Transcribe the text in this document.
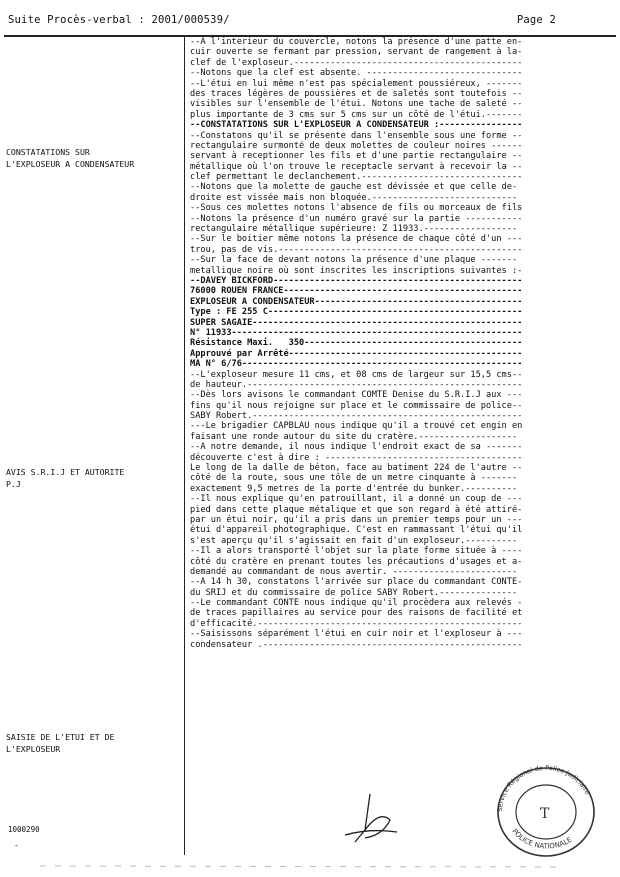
Suite Procès-verbal : 2001/000539/	Page 2
CONSTATATIONS SUR
L'EXPLOSEUR A CONDENSATEUR
AVIS S.R.I.J ET AUTORITE
P.J
SAISIE DE L'ETUI ET DE
L'EXPLOSEUR
--A l'interieur du couvercle, notons la présence d'une patte en-
cuir ouverte se fermant par pression, servant de rangement à la-
clef de l'exploseur.--------------------------------------------
--Notons que la clef est absente. ------------------------------
--L'étui en lui même n'est pas spécialement poussiéreux, -------
des traces légères de poussières et de saletés sont toutefois --
visibles sur l'ensemble de l'étui. Notons une tache de saleté --
plus importante de 3 cms sur 5 cms sur un côté de l'étui.-------
--CONSTATATIONS SUR L'EXPLOSEUR A CONDENSATEUR :----------------
--Constatons qu'il se présente dans l'ensemble sous une forme --
rectangulaire surmonté de deux molettes de couleur noires ------
servant à receptionner les fils et d'une partie rectangulaire --
métallique où l'on trouve le receptacle servant à recevoir la --
clef permettant le declanchement.-------------------------------
--Notons que la molette de gauche est dévissée et que celle de-
droite est vissée mais non bloquée.----------------------------
--Sous ces molettes notons l'absence de fils ou morceaux de fils
--Notons la présence d'un numéro gravé sur la partie -----------
rectangulaire métallique supérieure: Z 11933.------------------
--Sur le boitier même notons la présence de chaque côté d'un ---
trou, pas de vis.-----------------------------------------------
--Sur la face de devant notons la présence d'une plaque -------
metallique noire où sont inscrites les inscriptions suivantes :-
--DAVEY BICKFORD------------------------------------------------
76000 ROUEN FRANCE----------------------------------------------
EXPLOSEUR A CONDENSATEUR----------------------------------------
Type : FE 255 C-------------------------------------------------
SUPER SAGAIE----------------------------------------------------
N° 11933--------------------------------------------------------
Résistance Maxi.   350------------------------------------------
Approuvé par Arrêté---------------------------------------------
MA N° 6/76------------------------------------------------------
--L'exploseur mesure 11 cms, et 08 cms de largeur sur 15,5 cms--
de hauteur.-----------------------------------------------------
--Dès lors avisons le commandant COMTE Denise du S.R.I.J aux ---
fins qu'il nous rejoigne sur place et le commissaire de police--
SABY Robert.----------------------------------------------------
---Le brigadier CAPBLAU nous indique qu'il a trouvé cet engin en
faisant une ronde autour du site du cratère.-------------------
--A notre demande, il nous indique l'endroit exact de sa -------
découverte c'est à dire : --------------------------------------
Le long de la dalle de béton, face au batiment 224 de l'autre --
côté de la route, sous une tôle de un metre cinquante à -------
exactement 9,5 metres de la porte d'entrée du bunker.----------
--Il nous explique qu'en patrouillant, il a donné un coup de ---
pied dans cette plaque métalique et que son regard à été attiré-
par un étui noir, qu'il a pris dans un premier temps pour un ---
étui d'appareil photographique. C'est en rammassant l'étui qu'il
s'est aperçu qu'il s'agissait en fait d'un exploseur.----------
--Il a alors transporté l'objet sur la plate forme située à ----
côté du cratère en prenant toutes les précautions d'usages et a-
demandé au commandant de nous avertir. ------------------------
--A 14 h 30, constatons l'arrivée sur place du commandant CONTE-
du SRIJ et du commissaire de police SABY Robert.---------------
--Le commandant CONTE nous indique qu'il procèdera aux relevés -
de traces papillaires au service pour des raisons de facilité et
d'efficacité.---------------------------------------------------
--Saisissons séparément l'étui en cuir noir et l'exploseur à ---
condensateur .--------------------------------------------------
1000290
-
Service Régional de Police Judiciaire
POLICE NATIONALE
T
